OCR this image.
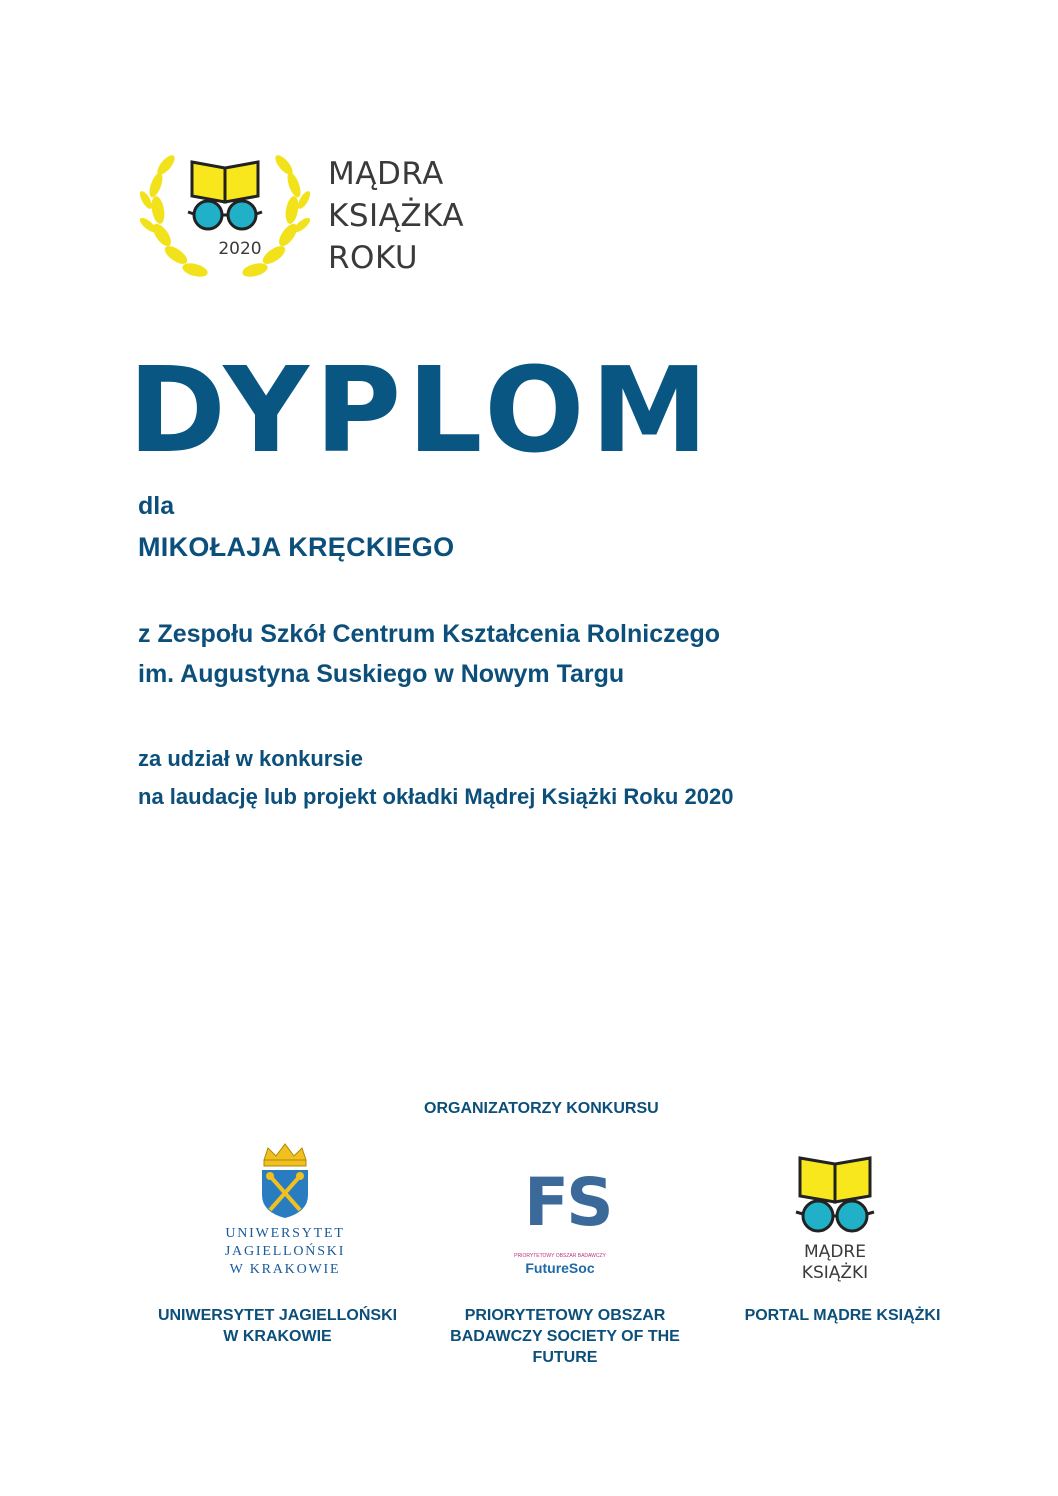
2020
MĄDRA
KSIĄŻKA
ROKU
DYPLOM
dla
MIKOŁAJA KRĘCKIEGO
z Zespołu Szkół Centrum Kształcenia Rolniczego
im. Augustyna Suskiego w Nowym Targu
za udział w konkursie
na laudację lub projekt okładki Mądrej Książki Roku 2020
ORGANIZATORZY KONKURSU
UNIWERSYTET
JAGIELLOŃSKI
W KRAKOWIE
FS
PRIORYTETOWY OBSZAR BADAWCZY
FutureSoc
MĄDRE
KSIĄŻKI
UNIWERSYTET JAGIELLOŃSKI
W KRAKOWIE
PRIORYTETOWY OBSZAR
BADAWCZY SOCIETY OF THE
FUTURE
PORTAL MĄDRE KSIĄŻKI
